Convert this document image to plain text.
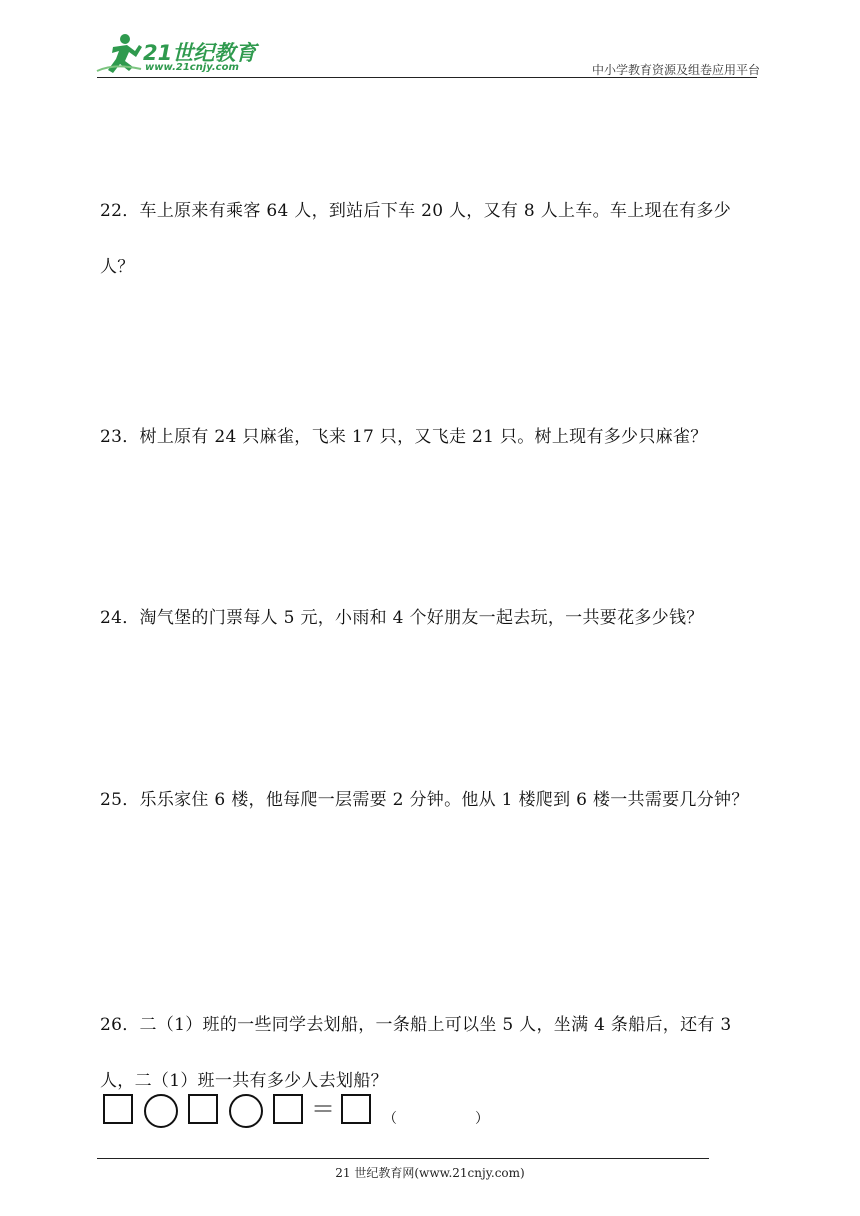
21世纪教育
www.21cnjy.com	中小学教育资源及组卷应用平台
22．车上原来有乘客 64 人，到站后下车 20 人，又有 8 人上车。车上现在有多少人？
23．树上原有 24 只麻雀，飞来 17 只，又飞走 21 只。树上现有多少只麻雀？
24．淘气堡的门票每人 5 元，小雨和 4 个好朋友一起去玩，一共要花多少钱？
25．乐乐家住 6 楼，他每爬一层需要 2 分钟。他从 1 楼爬到 6 楼一共需要几分钟？
26．二（1）班的一些同学去划船，一条船上可以坐 5 人，坐满 4 条船后，还有 3 人，二（1）班一共有多少人去划船？
＝	（	）
21 世纪教育网(www.21cnjy.com)
